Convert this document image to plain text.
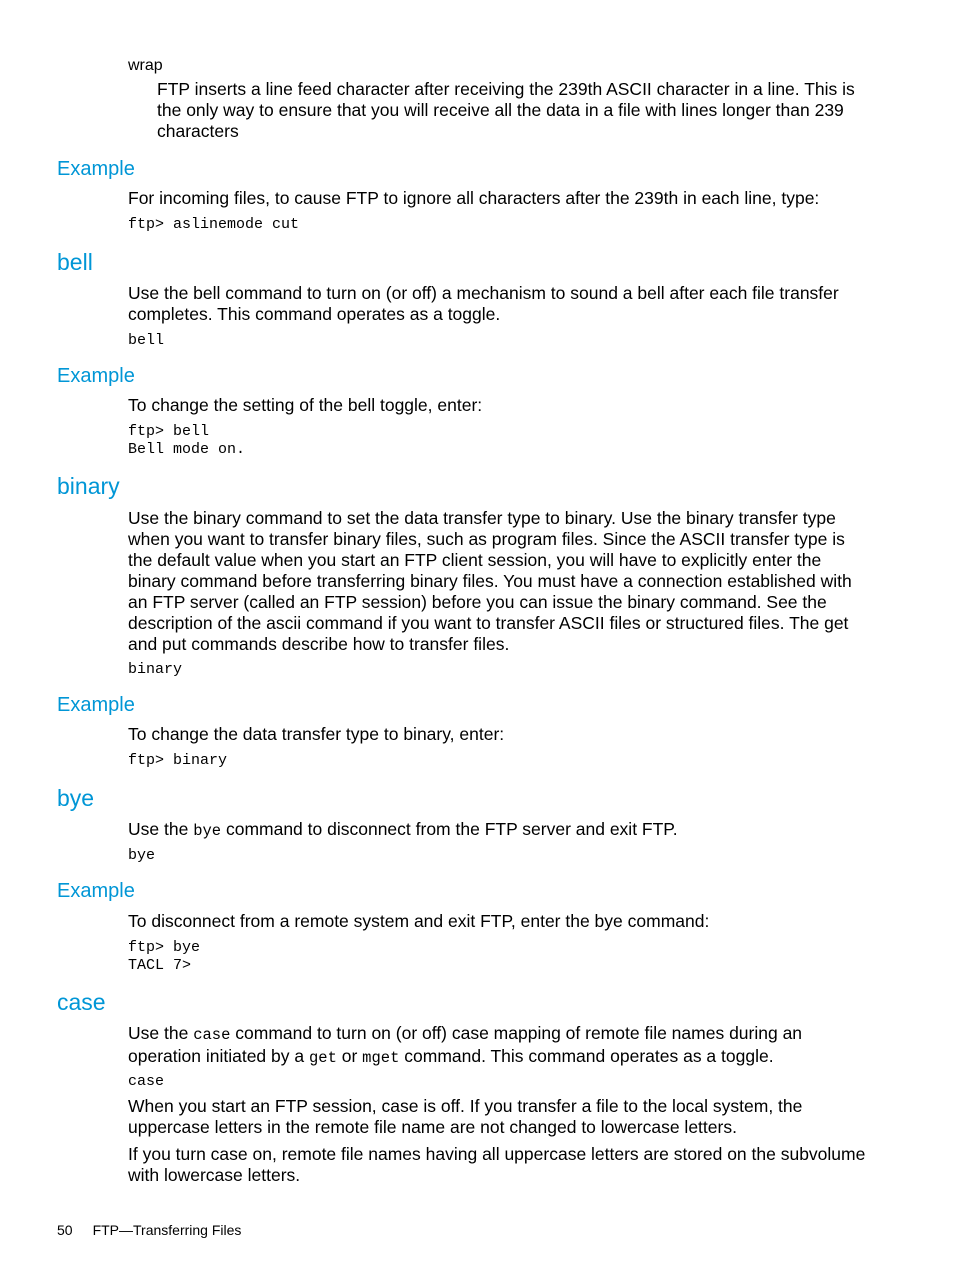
wrap
FTP inserts a line feed character after receiving the 239th ASCII character in a line. This is the only way to ensure that you will receive all the data in a file with lines longer than 239 characters
Example
For incoming files, to cause FTP to ignore all characters after the 239th in each line, type:
ftp> aslinemode cut
bell
Use the bell command to turn on (or off) a mechanism to sound a bell after each file transfer completes. This command operates as a toggle.
bell
Example
To change the setting of the bell toggle, enter:
ftp> bell
Bell mode on.
binary
Use the binary command to set the data transfer type to binary. Use the binary transfer type when you want to transfer binary files, such as program files. Since the ASCII transfer type is the default value when you start an FTP client session, you will have to explicitly enter the binary command before transferring binary files. You must have a connection established with an FTP server (called an FTP session) before you can issue the binary command. See the description of the ascii command if you want to transfer ASCII files or structured files. The get and put commands describe how to transfer files.
binary
Example
To change the data transfer type to binary, enter:
ftp> binary
bye
Use the bye command to disconnect from the FTP server and exit FTP.
bye
Example
To disconnect from a remote system and exit FTP, enter the bye command:
ftp> bye
TACL 7>
case
Use the case command to turn on (or off) case mapping of remote file names during an operation initiated by a get or mget command. This command operates as a toggle.
case
When you start an FTP session, case is off. If you transfer a file to the local system, the uppercase letters in the remote file name are not changed to lowercase letters.
If you turn case on, remote file names having all uppercase letters are stored on the subvolume with lowercase letters.
50 FTP—Transferring Files
